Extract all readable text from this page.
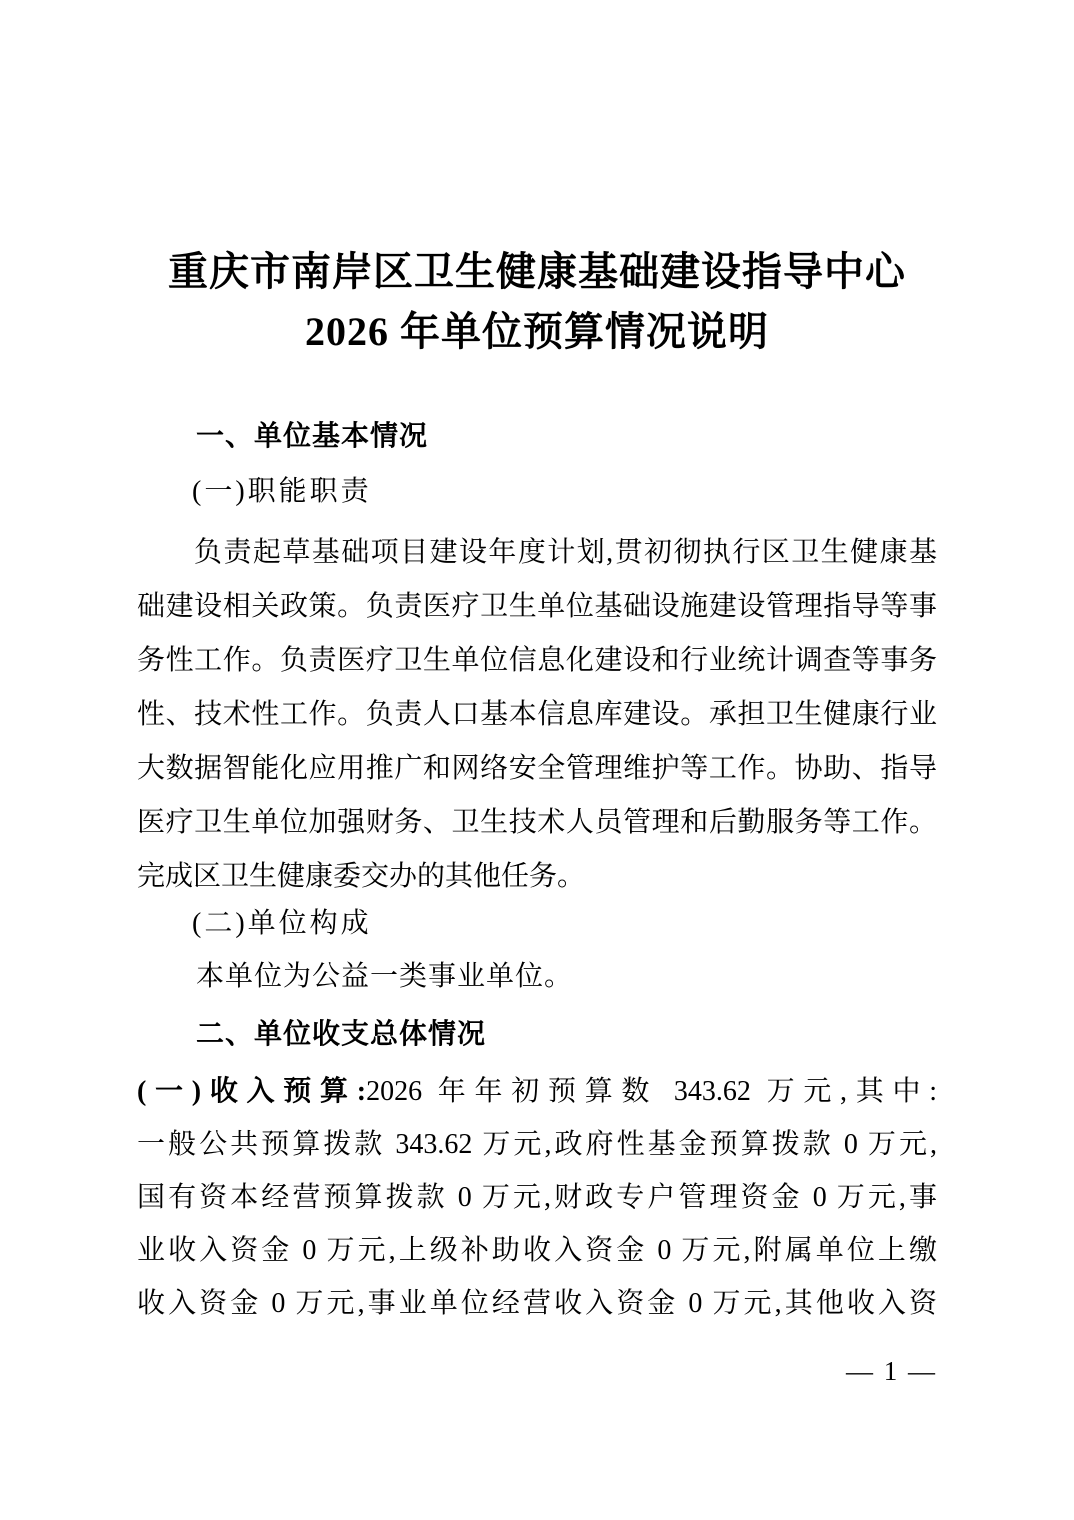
重庆市南岸区卫生健康基础建设指导中心
2026 年单位预算情况说明
一、单位基本情况
(一)职能职责
负责起草基础项目建设年度计划,贯初彻执行区卫生健康基
础建设相关政策。负责医疗卫生单位基础设施建设管理指导等事
务性工作。负责医疗卫生单位信息化建设和行业统计调查等事务
性、技术性工作。负责人口基本信息库建设。承担卫生健康行业
大数据智能化应用推广和网络安全管理维护等工作。协助、指导
医疗卫生单位加强财务、卫生技术人员管理和后勤服务等工作。
完成区卫生健康委交办的其他任务。
(二)单位构成
本单位为公益一类事业单位。
二、单位收支总体情况
(一)收入预算:2026 年年初预算数 343.62 万元,其中:
一般公共预算拨款 343.62 万元,政府性基金预算拨款 0 万元,
国有资本经营预算拨款 0 万元,财政专户管理资金 0 万元,事
业收入资金 0 万元,上级补助收入资金 0 万元,附属单位上缴
收入资金 0 万元,事业单位经营收入资金 0 万元,其他收入资
— 1 —
